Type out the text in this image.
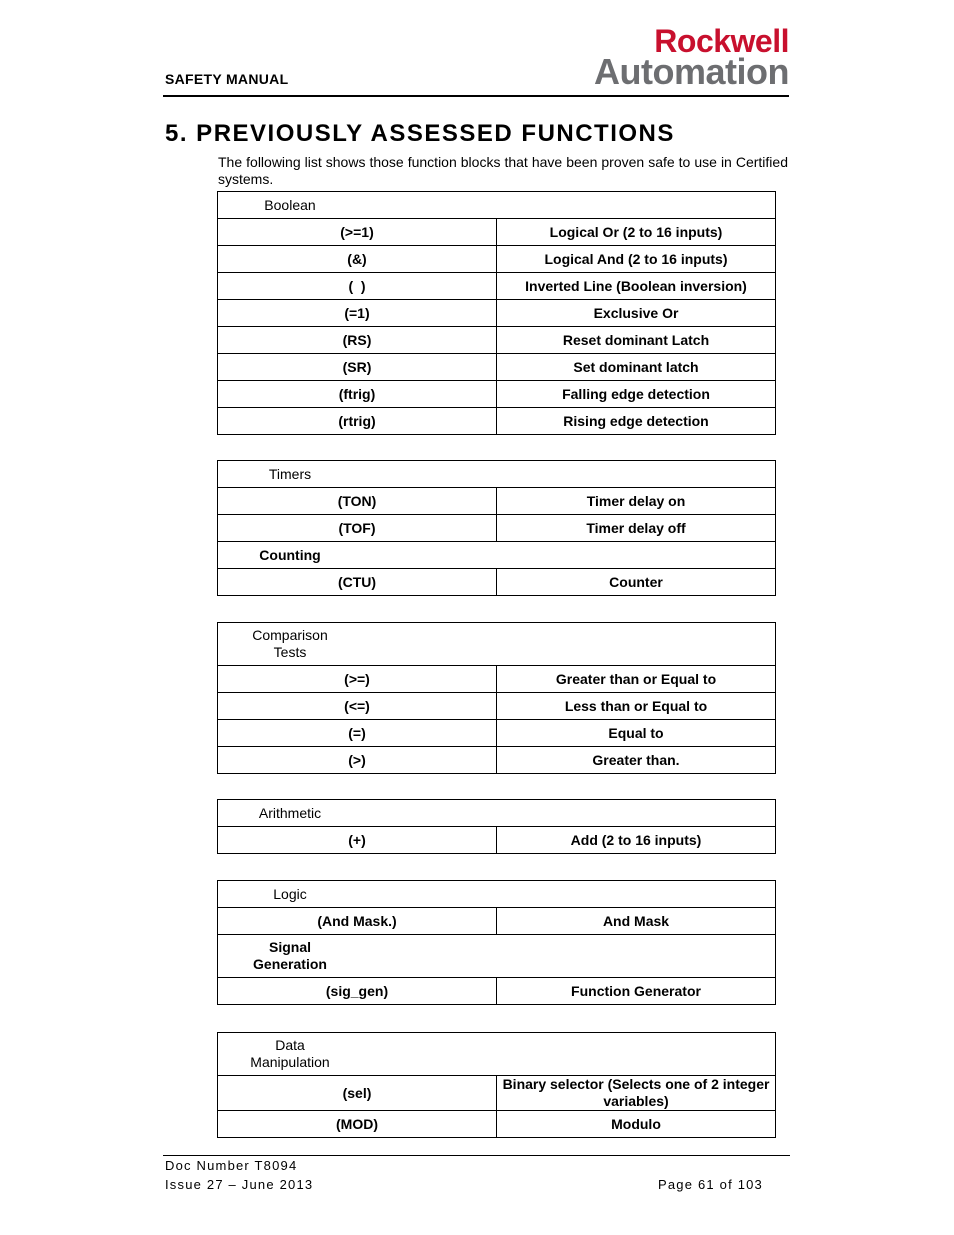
SAFETY MANUAL
Rockwell
Automation
5. PREVIOUSLY ASSESSED FUNCTIONS

The following list shows those function blocks that have been proven safe to use in Certified systems.

Boolean	
(>=1)	Logical Or (2 to 16 inputs)
(&)	Logical And (2 to 16 inputs)
(  )	Inverted Line (Boolean inversion)
(=1)	Exclusive Or
(RS)	Reset dominant Latch
(SR)	Set dominant latch
(ftrig)	Falling edge detection
(rtrig)	Rising edge detection
Timers	
(TON)	Timer delay on
(TOF)	Timer delay off
Counting	
(CTU)	Counter
Comparison
Tests	
(>=)	Greater than or Equal to
(<=)	Less than or Equal to
(=)	Equal to
(>)	Greater than.
Arithmetic
(+)	Add (2 to 16 inputs)
Logic	
(And Mask.)	And Mask
Signal
Generation	
(sig_gen)	Function Generator
Data
Manipulation	
(sel)	Binary selector (Selects one of 2 integer variables)
(MOD)	Modulo
Doc Number T8094
Issue 27 – June 2013	Page 61 of 103
